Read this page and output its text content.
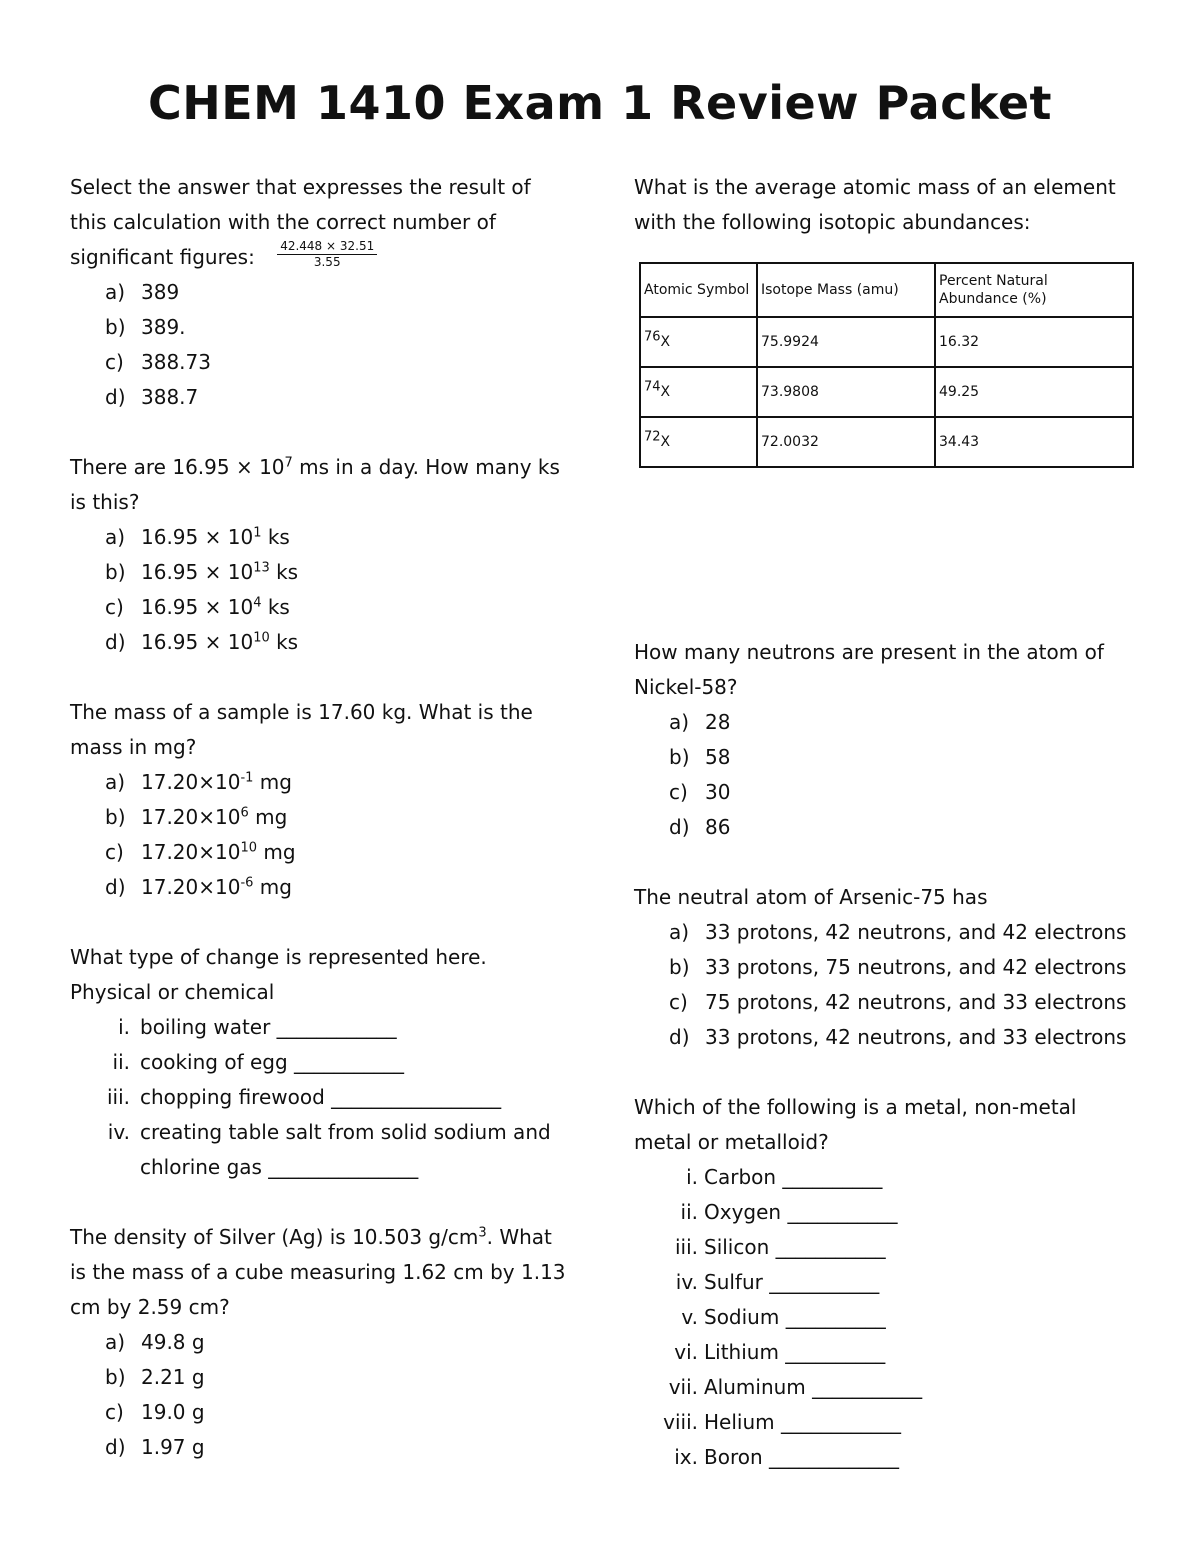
CHEM 1410 Exam 1 Review Packet
Select the answer that expresses the result of
this calculation with the correct number of
significant figures: $\frac{42.448 \times 32.51}{3.55}$
a) 389
b) 389.
c) 388.73
d) 388.7
There are $16.95 \times 10^7$ ms in a day. How many ks
is this?
a) $16.95 \times 10^1$ ks
b) $16.95 \times 10^{13}$ ks
c) $16.95 \times 10^4$ ks
d) $16.95 \times 10^{10}$ ks
The mass of a sample is 17.60 kg. What is the
mass in mg?
a) $17.20\times 10^{-1}$ mg
b) $17.20\times 10^6$ mg
c) $17.20\times 10^{10}$ mg
d) $17.20\times 10^{-6}$ mg
What type of change is represented here.
Physical or chemical
i. boiling water ____________
ii. cooking of egg ___________
iii. chopping firewood _________________
iv. creating table salt from solid sodium and chlorine gas _______________
The density of Silver (Ag) is 10.503 $g/cm^3$. What
is the mass of a cube measuring 1.62 cm by 1.13
cm by 2.59 cm?
a) 49.8 g
b) 2.21 g
c) 19.0 g
d) 1.97 g
What is the average atomic mass of an element
with the following isotopic abundances:
Atomic Symbol	Isotope Mass (amu)	Percent Natural Abundance (%)
$^{76}$X	75.9924	16.32
$^{74}$X	73.9808	49.25
$^{72}$X	72.0032	34.43
How many neutrons are present in the atom of
Nickel-58?
a) 28
b) 58
c) 30
d) 86
The neutral atom of Arsenic-75 has
a) 33 protons, 42 neutrons, and 42 electrons
b) 33 protons, 75 neutrons, and 42 electrons
c) 75 protons, 42 neutrons, and 33 electrons
d) 33 protons, 42 neutrons, and 33 electrons
Which of the following is a metal, non-metal
metal or metalloid?
i. Carbon __________
ii. Oxygen ___________
iii. Silicon ___________
iv. Sulfur ___________
v. Sodium __________
vi. Lithium __________
vii. Aluminum ___________
viii. Helium ____________
ix. Boron _____________
